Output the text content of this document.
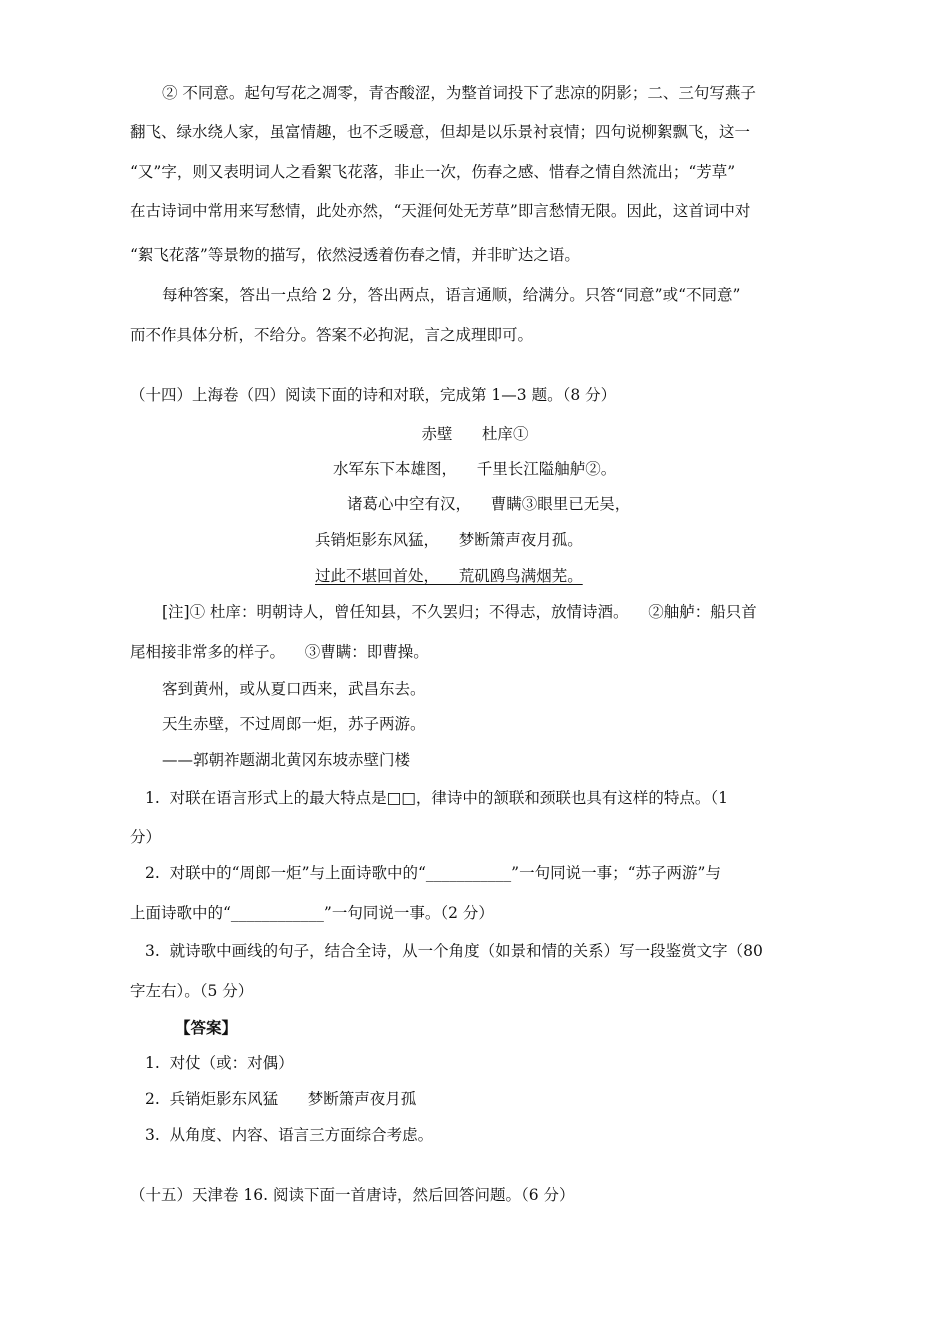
② 不同意。起句写花之凋零，青杏酸涩，为整首词投下了悲凉的阴影；二、三句写燕子
翻飞、绿水绕人家，虽富情趣，也不乏暖意，但却是以乐景衬哀情；四句说柳絮飘飞，这一
“又”字，则又表明词人之看絮飞花落，非止一次，伤春之感、惜春之情自然流出；“芳草”
在古诗词中常用来写愁情，此处亦然，“天涯何处无芳草”即言愁情无限。因此，这首词中对
“絮飞花落”等景物的描写，依然浸透着伤春之情，并非旷达之语。
每种答案，答出一点给 2 分，答出两点，语言通顺，给满分。只答“同意”或“不同意”
而不作具体分析，不给分。答案不必拘泥，言之成理即可。
（十四）上海卷（四）阅读下面的诗和对联，完成第 1—3 题。（8 分）
赤壁      杜庠①
水军东下本雄图，    千里长江隘舳舻②。
诸葛心中空有汉，    曹瞒③眼里已无吴，
兵销炬影东风猛，    梦断箫声夜月孤。
过此不堪回首处，    荒矶鸥鸟满烟芜。
[注]① 杜庠：明朝诗人，曾任知县，不久罢归；不得志，放情诗酒。    ②舳舻：船只首
尾相接非常多的样子。    ③曹瞒：即曹操。
客到黄州，或从夏口西来，武昌东去。
天生赤壁，不过周郎一炬，苏子两游。
——郭朝祚题湖北黄冈东坡赤壁门楼
1.  对联在语言形式上的最大特点是□□，律诗中的颔联和颈联也具有这样的特点。（1
分）
2.  对联中的“周郎一炬”与上面诗歌中的“___________”一句同说一事；“苏子两游”与
上面诗歌中的“____________”一句同说一事。（2 分）
3.  就诗歌中画线的句子，结合全诗，从一个角度（如景和情的关系）写一段鉴赏文字（80
字左右）。（5 分）
【答案】
1.  对仗（或：对偶）
2.  兵销炬影东风猛      梦断箫声夜月孤
3.  从角度、内容、语言三方面综合考虑。
（十五）天津卷 16. 阅读下面一首唐诗，然后回答问题。（6 分）
